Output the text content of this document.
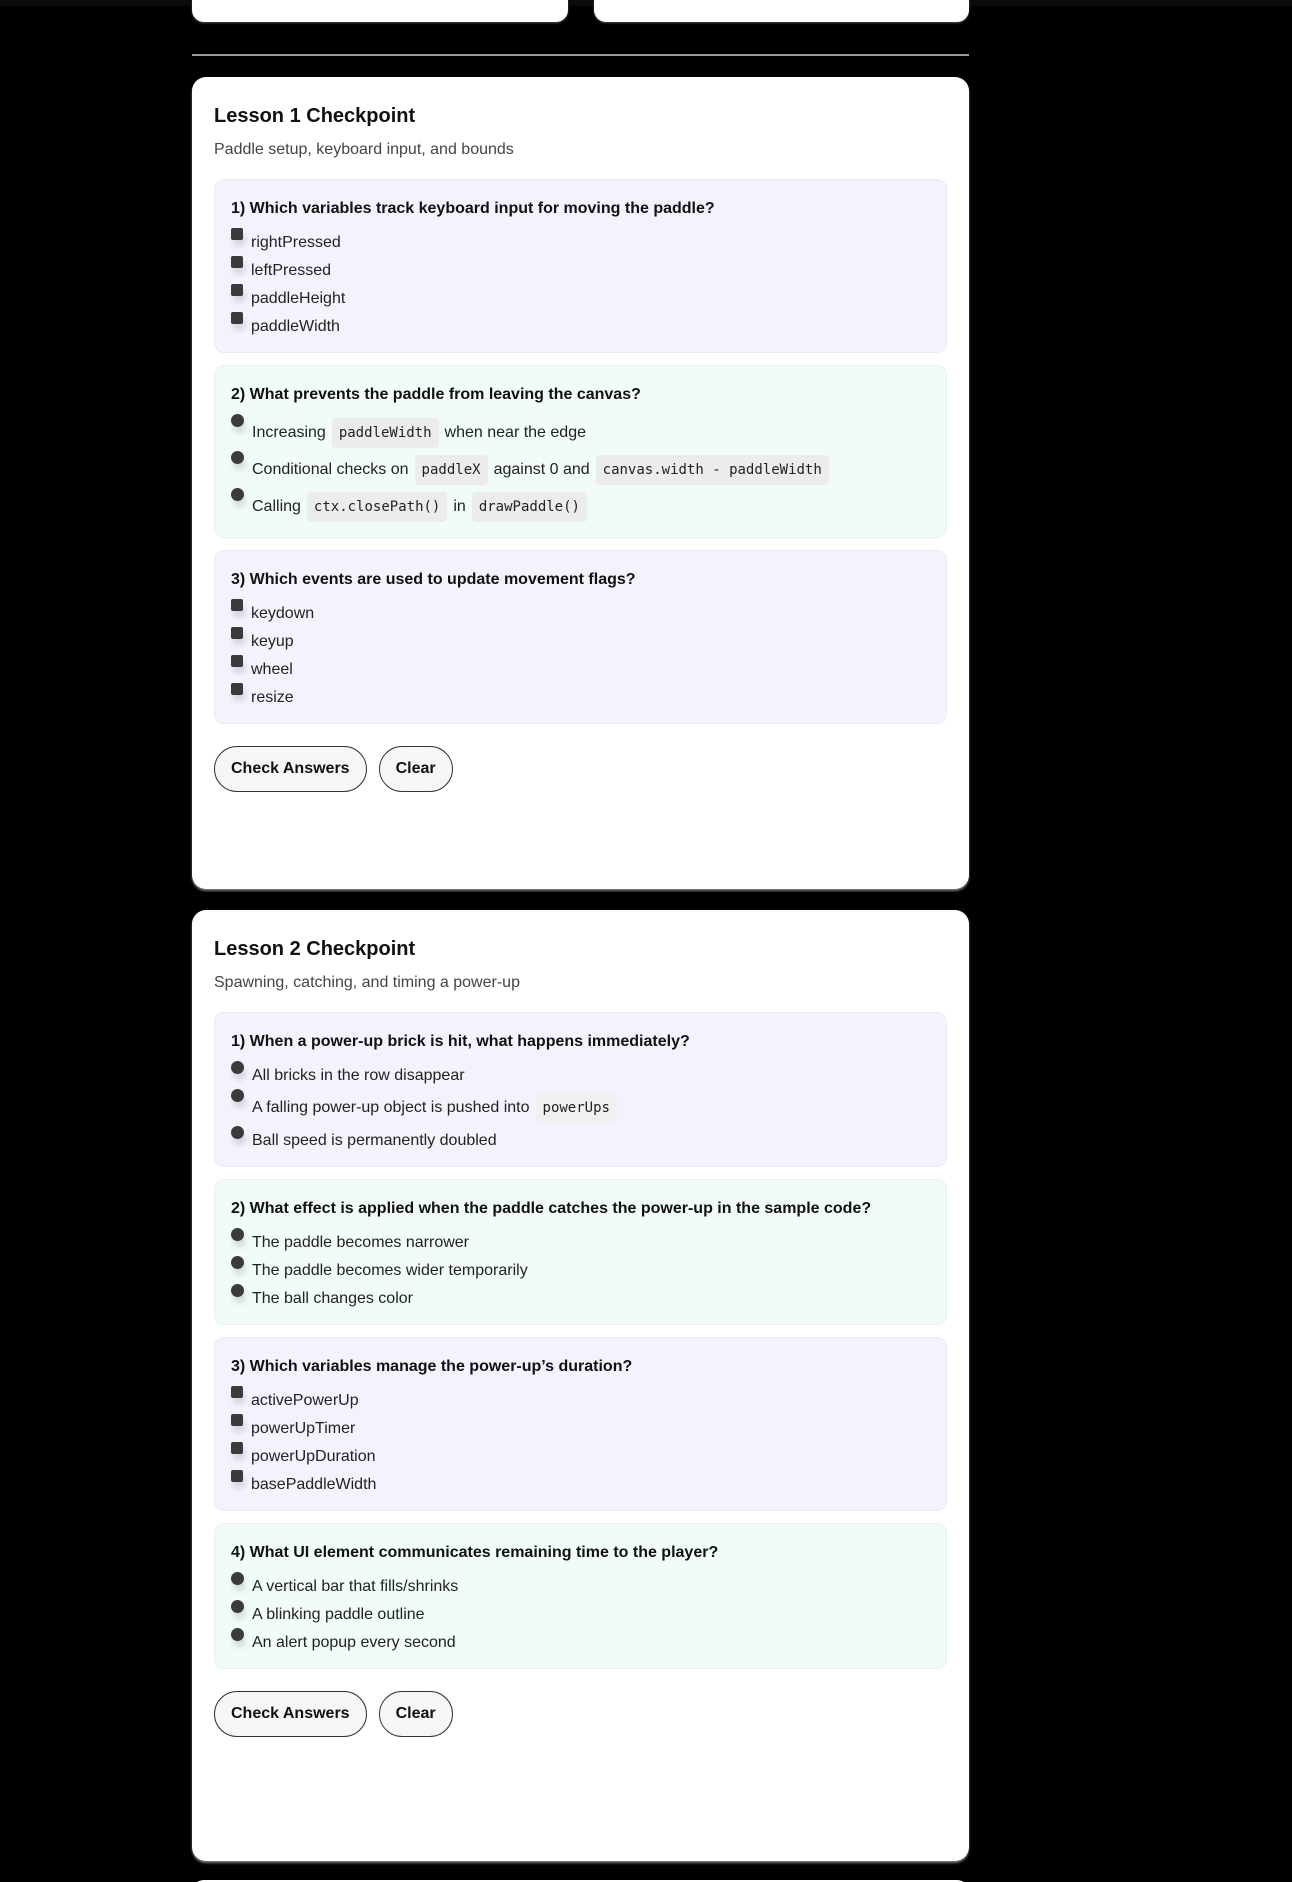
Lesson 1 Checkpoint

Paddle setup, keyboard input, and bounds

1) Which variables track keyboard input for moving the paddle?
rightPressed
leftPressed
paddleHeight
paddleWidth
2) What prevents the paddle from leaving the canvas?
Increasing paddleWidth when near the edge
Conditional checks on paddleX against 0 and canvas.width - paddleWidth
Calling ctx.closePath() in drawPaddle()
3) Which events are used to update movement flags?
keydown
keyup
wheel
resize
Check Answers	Clear
Lesson 2 Checkpoint

Spawning, catching, and timing a power-up

1) When a power-up brick is hit, what happens immediately?
All bricks in the row disappear
A falling power-up object is pushed into powerUps
Ball speed is permanently doubled
2) What effect is applied when the paddle catches the power-up in the sample code?
The paddle becomes narrower
The paddle becomes wider temporarily
The ball changes color
3) Which variables manage the power-up’s duration?
activePowerUp
powerUpTimer
powerUpDuration
basePaddleWidth
4) What UI element communicates remaining time to the player?
A vertical bar that fills/shrinks
A blinking paddle outline
An alert popup every second
Check Answers	Clear
